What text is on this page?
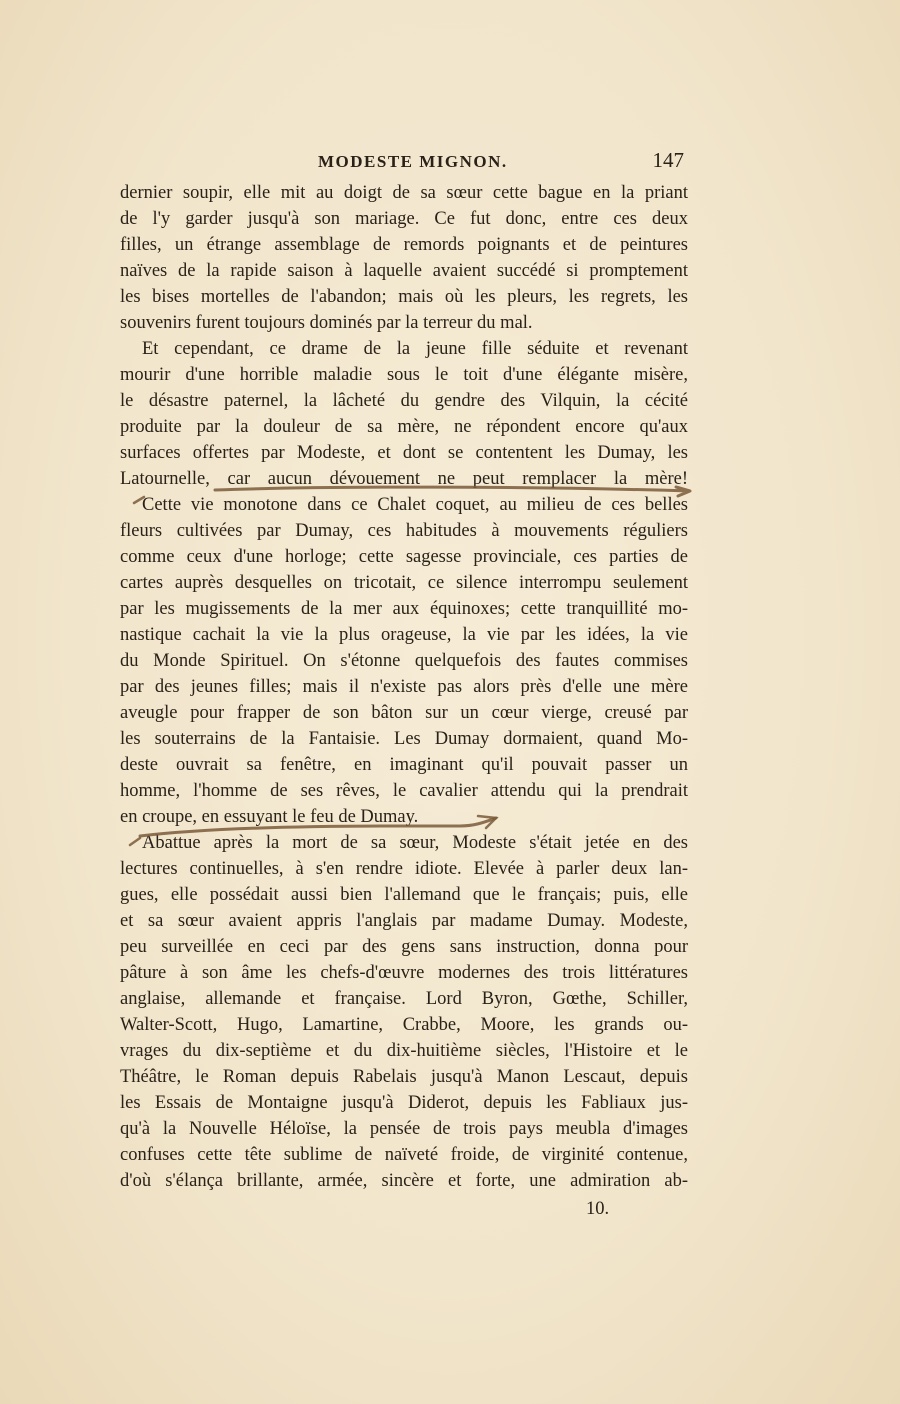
MODESTE MIGNON.	147
dernier soupir, elle mit au doigt de sa sœur cette bague en la priant
de l'y garder jusqu'à son mariage. Ce fut donc, entre ces deux
filles, un étrange assemblage de remords poignants et de peintures
naïves de la rapide saison à laquelle avaient succédé si promptement
les bises mortelles de l'abandon; mais où les pleurs, les regrets, les
souvenirs furent toujours dominés par la terreur du mal.
Et cependant, ce drame de la jeune fille séduite et revenant
mourir d'une horrible maladie sous le toit d'une élégante misère,
le désastre paternel, la lâcheté du gendre des Vilquin, la cécité
produite par la douleur de sa mère, ne répondent encore qu'aux
surfaces offertes par Modeste, et dont se contentent les Dumay, les
Latournelle, car aucun dévouement ne peut remplacer la mère!
Cette vie monotone dans ce Chalet coquet, au milieu de ces belles
fleurs cultivées par Dumay, ces habitudes à mouvements réguliers
comme ceux d'une horloge; cette sagesse provinciale, ces parties de
cartes auprès desquelles on tricotait, ce silence interrompu seulement
par les mugissements de la mer aux équinoxes; cette tranquillité mo-
nastique cachait la vie la plus orageuse, la vie par les idées, la vie
du Monde Spirituel. On s'étonne quelquefois des fautes commises
par des jeunes filles; mais il n'existe pas alors près d'elle une mère
aveugle pour frapper de son bâton sur un cœur vierge, creusé par
les souterrains de la Fantaisie. Les Dumay dormaient, quand Mo-
deste ouvrait sa fenêtre, en imaginant qu'il pouvait passer un
homme, l'homme de ses rêves, le cavalier attendu qui la prendrait
en croupe, en essuyant le feu de Dumay.
Abattue après la mort de sa sœur, Modeste s'était jetée en des
lectures continuelles, à s'en rendre idiote. Elevée à parler deux lan-
gues, elle possédait aussi bien l'allemand que le français; puis, elle
et sa sœur avaient appris l'anglais par madame Dumay. Modeste,
peu surveillée en ceci par des gens sans instruction, donna pour
pâture à son âme les chefs-d'œuvre modernes des trois littératures
anglaise, allemande et française. Lord Byron, Gœthe, Schiller,
Walter-Scott, Hugo, Lamartine, Crabbe, Moore, les grands ou-
vrages du dix-septième et du dix-huitième siècles, l'Histoire et le
Théâtre, le Roman depuis Rabelais jusqu'à Manon Lescaut, depuis
les Essais de Montaigne jusqu'à Diderot, depuis les Fabliaux jus-
qu'à la Nouvelle Héloïse, la pensée de trois pays meubla d'images
confuses cette tête sublime de naïveté froide, de virginité contenue,
d'où s'élança brillante, armée, sincère et forte, une admiration ab-
10.
